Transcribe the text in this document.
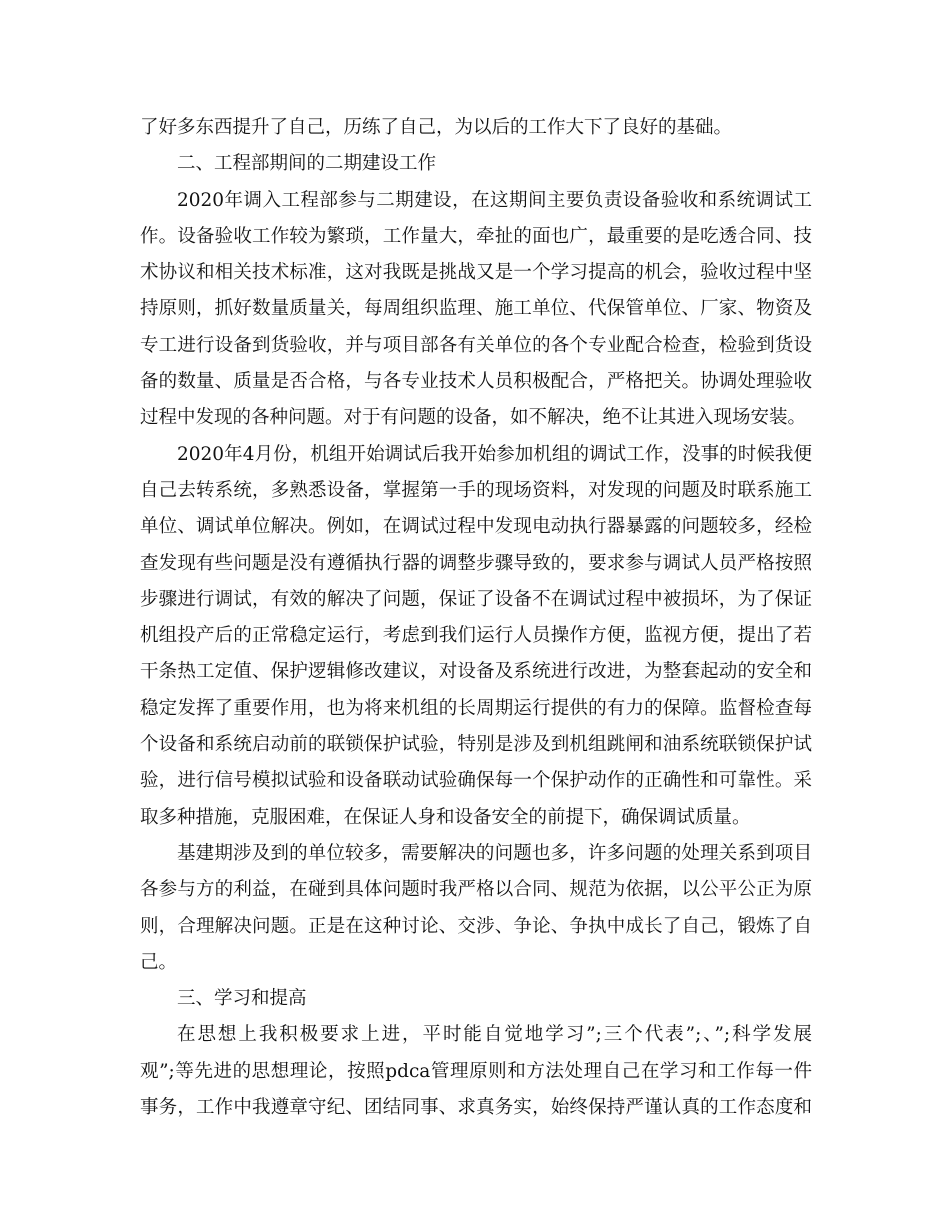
了好多东西提升了自己，历练了自己，为以后的工作大下了良好的基础。
二、工程部期间的二期建设工作
2020年调入工程部参与二期建设，在这期间主要负责设备验收和系统调试工
作。设备验收工作较为繁琐，工作量大，牵扯的面也广，最重要的是吃透合同、技
术协议和相关技术标准，这对我既是挑战又是一个学习提高的机会，验收过程中坚
持原则，抓好数量质量关，每周组织监理、施工单位、代保管单位、厂家、物资及
专工进行设备到货验收，并与项目部各有关单位的各个专业配合检查，检验到货设
备的数量、质量是否合格，与各专业技术人员积极配合，严格把关。协调处理验收
过程中发现的各种问题。对于有问题的设备，如不解决，绝不让其进入现场安装。
2020年4月份，机组开始调试后我开始参加机组的调试工作，没事的时候我便
自己去转系统，多熟悉设备，掌握第一手的现场资料，对发现的问题及时联系施工
单位、调试单位解决。例如，在调试过程中发现电动执行器暴露的问题较多，经检
查发现有些问题是没有遵循执行器的调整步骤导致的，要求参与调试人员严格按照
步骤进行调试，有效的解决了问题，保证了设备不在调试过程中被损坏，为了保证
机组投产后的正常稳定运行，考虑到我们运行人员操作方便，监视方便，提出了若
干条热工定值、保护逻辑修改建议，对设备及系统进行改进，为整套起动的安全和
稳定发挥了重要作用，也为将来机组的长周期运行提供的有力的保障。监督检查每
个设备和系统启动前的联锁保护试验，特别是涉及到机组跳闸和油系统联锁保护试
验，进行信号模拟试验和设备联动试验确保每一个保护动作的正确性和可靠性。采
取多种措施，克服困难，在保证人身和设备安全的前提下，确保调试质量。
基建期涉及到的单位较多，需要解决的问题也多，许多问题的处理关系到项目
各参与方的利益，在碰到具体问题时我严格以合同、规范为依据，以公平公正为原
则，合理解决问题。正是在这种讨论、交涉、争论、争执中成长了自己，锻炼了自
己。
三、学习和提高
在思想上我积极要求上进，平时能自觉地学习”;三个代表”;、”;科学发展
观”;等先进的思想理论，按照pdca管理原则和方法处理自己在学习和工作每一件
事务，工作中我遵章守纪、团结同事、求真务实，始终保持严谨认真的工作态度和
